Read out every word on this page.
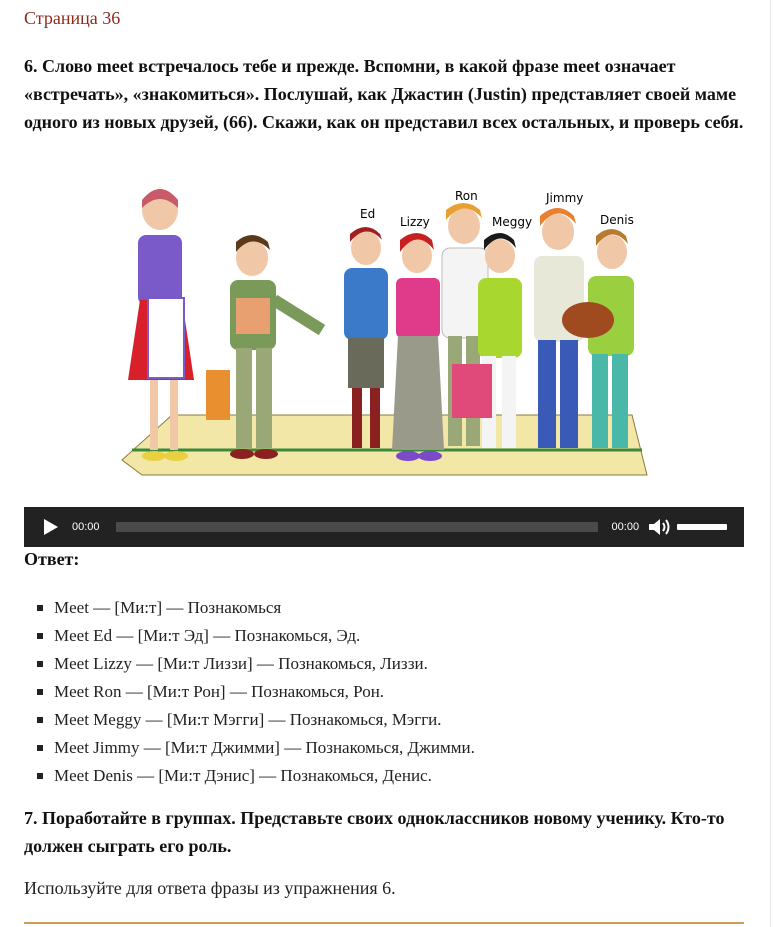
Страница 36
6. Слово meet встречалось тебе и прежде. Вспомни, в какой фразе meet означает «встречать», «знакомиться». Послушай, как Джастин (Justin) представляет своей маме одного из новых друзей, (66). Скажи, как он представил всех остальных, и проверь себя.
Ed
Lizzy
Ron
Meggy
Jimmy
Denis
00:00	00:00
Ответ:
Meet — [Ми:т] — Познакомься
Meet Ed — [Ми:т Эд] — Познакомься, Эд.
Meet Lizzy — [Ми:т Лиззи] — Познакомься, Лиззи.
Meet Ron — [Ми:т Рон] — Познакомься, Рон.
Meet Meggy — [Ми:т Мэгги] — Познакомься, Мэгги.
Meet Jimmy — [Ми:т Джимми] — Познакомься, Джимми.
Meet Denis — [Ми:т Дэнис] — Познакомься, Денис.
7. Поработайте в группах. Представьте своих одноклассников новому ученику. Кто-то должен сыграть его роль.
Используйте для ответа фразы из упражнения 6.
